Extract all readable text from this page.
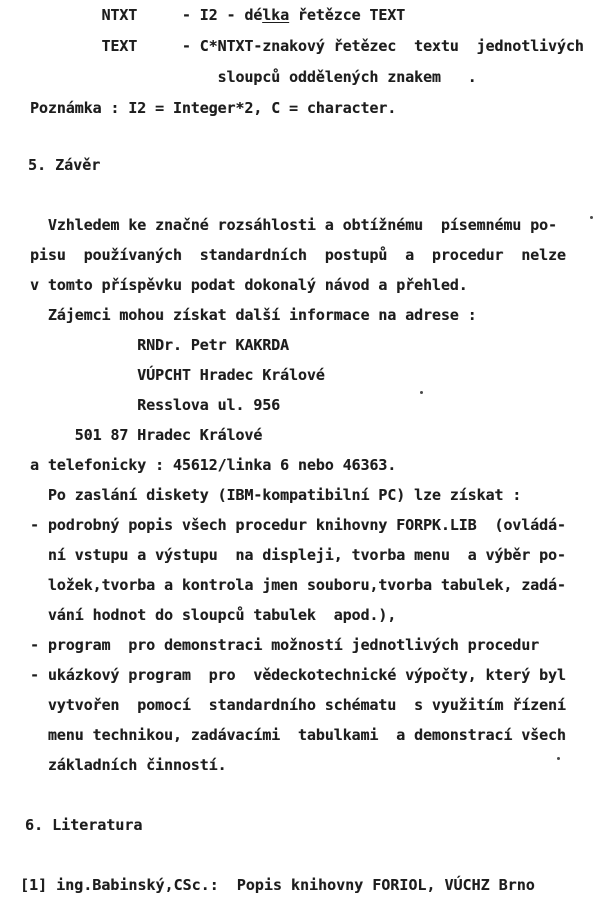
NTXT     - I2 - délka řetězce TEXT
TEXT     - C*NTXT-znakový řetězec  textu  jednotlivých
sloupců oddělených znakem   .
Poznámka : I2 = Integer*2, C = character.
5. Závěr
Vzhledem ke značné rozsáhlosti a obtížnému  písemnému po-
pisu  používaných  standardních  postupů  a  procedur  nelze
v tomto příspěvku podat dokonalý návod a přehled.
Zájemci mohou získat další informace na adrese :
RNDr. Petr KAKRDA
VÚPCHT Hradec Králové
Resslova ul. 956
501 87 Hradec Králové
a telefonicky : 45612/linka 6 nebo 46363.
Po zaslání diskety (IBM-kompatibilní PC) lze získat :
- podrobný popis všech procedur knihovny FORPK.LIB  (ovládá-
ní vstupu a výstupu  na displeji, tvorba menu  a výběr po-
ložek,tvorba a kontrola jmen souboru,tvorba tabulek, zadá-
vání hodnot do sloupců tabulek  apod.),
- program  pro demonstraci možností jednotlivých procedur
- ukázkový program  pro  vědeckotechnické výpočty, který byl
vytvořen  pomocí  standardního schématu  s využitím řízení
menu technikou, zadávacími  tabulkami  a demonstrací všech
základních činností.
6. Literatura
[1] ing.Babinský,CSc.:  Popis knihovny FORIOL, VÚCHZ Brno
